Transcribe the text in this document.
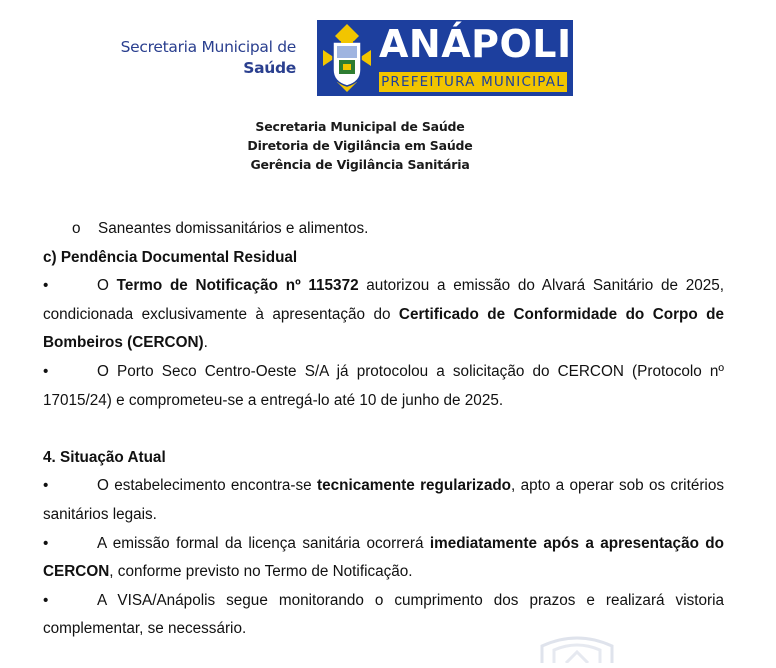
Secretaria Municipal de
Saúde
ANÁPOLIS
PREFEITURA MUNICIPAL
Secretaria Municipal de Saúde
Diretoria de Vigilância em Saúde
Gerência de Vigilância Sanitária

o Saneantes domissanitários e alimentos.

c) Pendência Documental Residual

•	O Termo de Notificação nº 115372 autorizou a emissão do Alvará Sanitário de 2025, condicionada exclusivamente à apresentação do Certificado de Conformidade do Corpo de Bombeiros (CERCON).

•	O Porto Seco Centro-Oeste S/A já protocolou a solicitação do CERCON (Protocolo nº 17015/24) e comprometeu-se a entregá-lo até 10 de junho de 2025.

4. Situação Atual

•	O estabelecimento encontra-se tecnicamente regularizado, apto a operar sob os critérios sanitários legais.

•	A emissão formal da licença sanitária ocorrerá imediatamente após a apresentação do CERCON, conforme previsto no Termo de Notificação.

•	A VISA/Anápolis segue monitorando o cumprimento dos prazos e realizará vistoria complementar, se necessário.
